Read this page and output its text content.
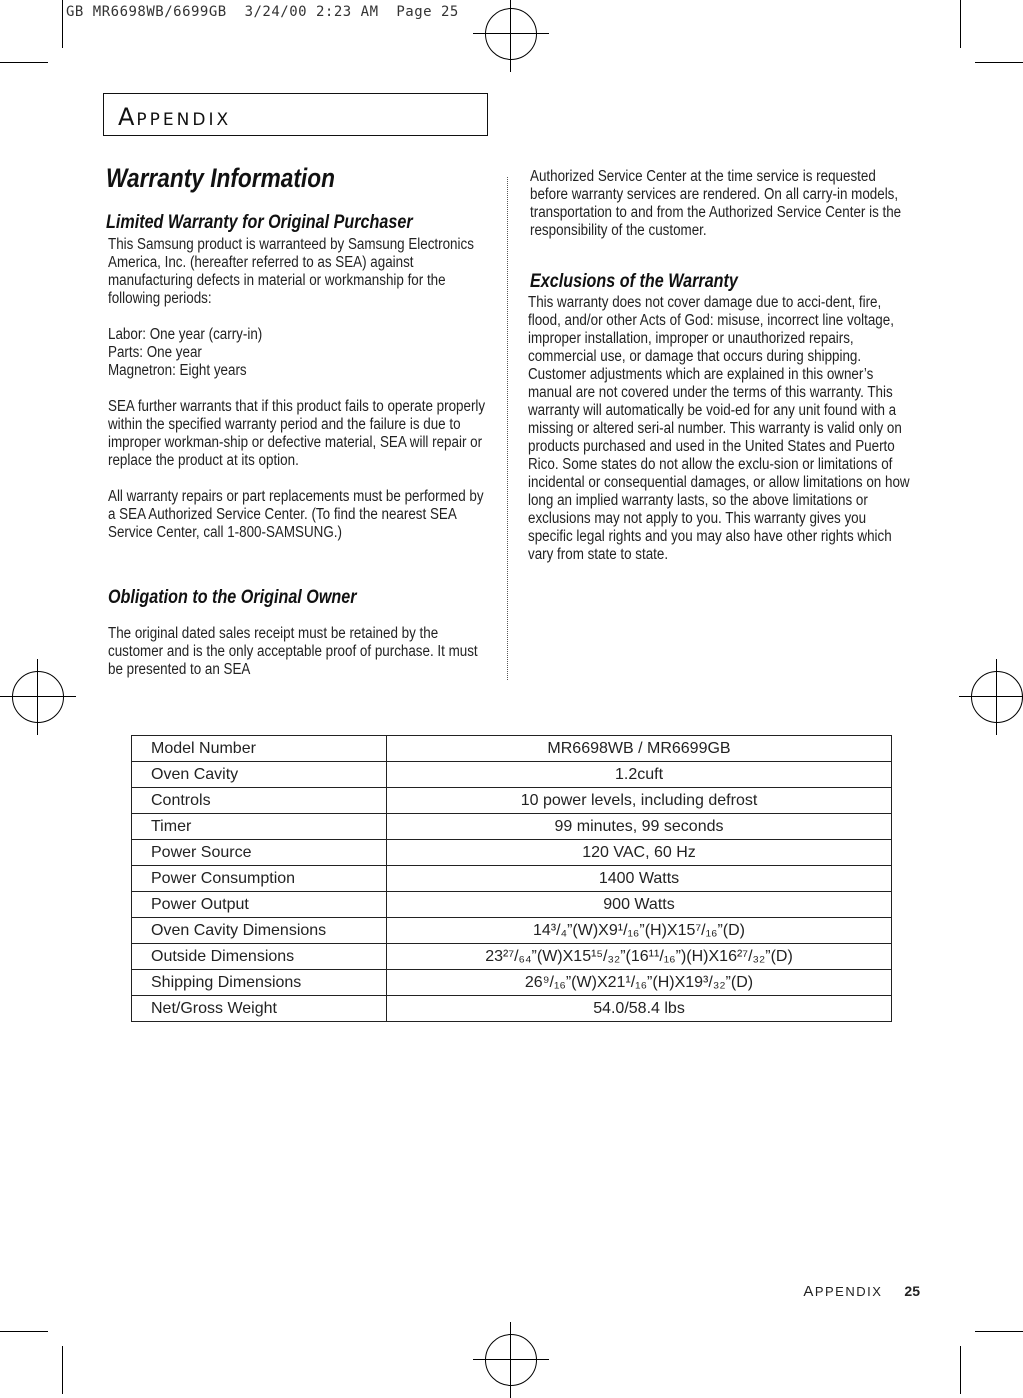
GB MR6698WB/6699GB  3/24/00 2:23 AM  Page 25
APPENDIX
Warranty Information
Limited Warranty for Original Purchaser

This Samsung product is warranteed by Samsung Electronics America, Inc. (hereafter referred to as SEA) against manufacturing defects in material or workmanship for the following periods:

Labor: One year (carry-in)

Parts: One year

Magnetron: Eight years

SEA further warrants that if this product fails to operate properly within the specified warranty period and the failure is due to improper workman-ship or defective material, SEA will repair or replace the product at its option.

All warranty repairs or part replacements must be performed by a SEA Authorized Service Center. (To find the nearest SEA Service Center, call 1-800-SAMSUNG.)

Obligation to the Original Owner

The original dated sales receipt must be retained by the customer and is the only acceptable proof of purchase. It must be presented to an SEA

Authorized Service Center at the time service is requested before warranty services are rendered. On all carry-in models, transportation to and from the Authorized Service Center is the responsibility of the customer.

Exclusions of the Warranty

This warranty does not cover damage due to acci-dent, fire, flood, and/or other Acts of God: misuse, incorrect line voltage, improper installation, improper or unauthorized repairs, commercial use, or damage that occurs during shipping. Customer adjustments which are explained in this owner’s manual are not covered under the terms of this warranty. This warranty will automatically be void-ed for any unit found with a missing or altered seri-al number. This warranty is valid only on products purchased and used in the United States and Puerto Rico. Some states do not allow the exclu-sion or limitations of incidental or consequential damages, or allow limitations on how long an implied warranty lasts, so the above limitations or exclusions may not apply to you. This warranty gives you specific legal rights and you may also have other rights which vary from state to state.

Model Number	MR6698WB / MR6699GB
Oven Cavity	1.2cuft
Controls	10 power levels, including defrost
Timer	99 minutes, 99 seconds
Power Source	120 VAC, 60 Hz
Power Consumption	1400 Watts
Power Output	900 Watts
Oven Cavity Dimensions	14³/₄”(W)X9¹/₁₆”(H)X15⁷/₁₆”(D)
Outside Dimensions	23²⁷/₆₄”(W)X15¹⁵/₃₂”(16¹¹/₁₆”)(H)X16²⁷/₃₂”(D)
Shipping Dimensions	26⁹/₁₆”(W)X21¹/₁₆”(H)X19³/₃₂”(D)
Net/Gross Weight	54.0/58.4 lbs
APPENDIX 25
